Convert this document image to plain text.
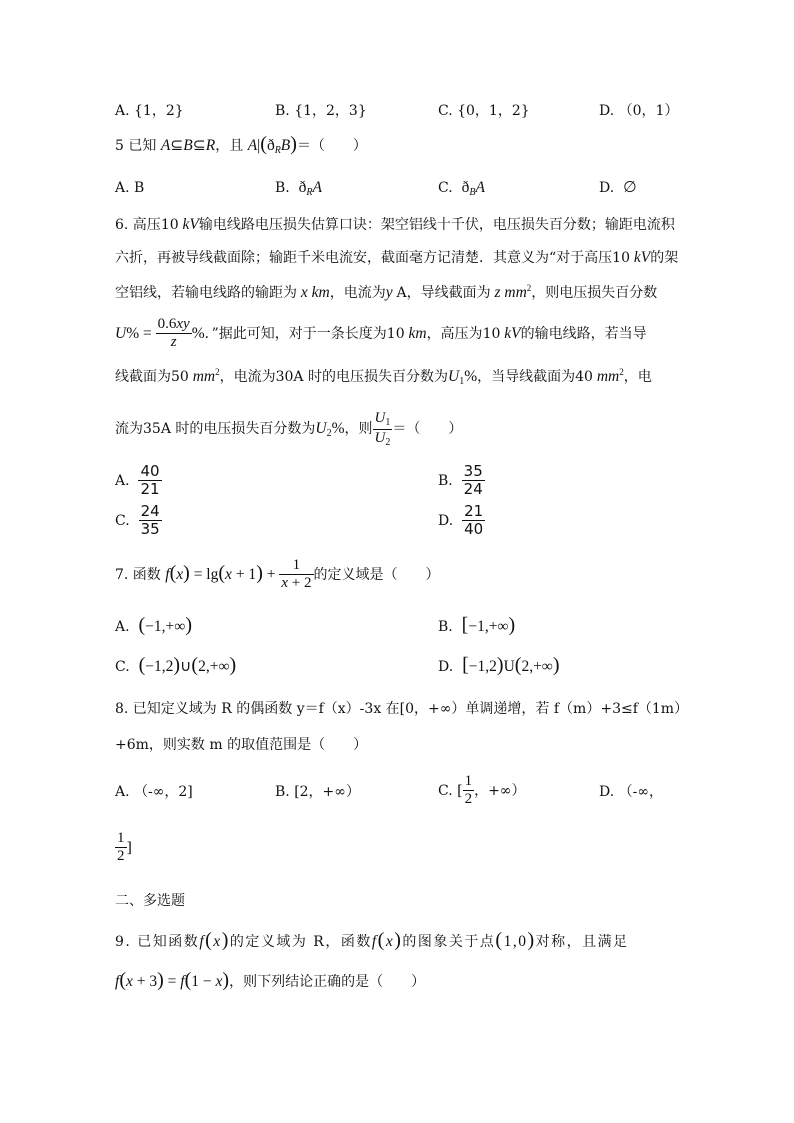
A. {1，2}	B. {1，2，3}	C. {0，1，2}	D. （0，1）
5 已知 A⊆B⊆R，且 $A|(ð_RB)=$（　　）
A. B	B. $ð_RA$	C. $ð_BA$	D. ∅
6. 高压10 kV输电线路电压损失估算口诀：架空铝线十千伏，电压损失百分数；输距电流积
六折，再被导线截面除；输距千米电流安，截面毫方记清楚．其意义为“对于高压10 kV的架
空铝线，若输电线路的输距为 x km，电流为y A，导线截面为 z $mm^2$，则电压损失百分数
$U\% = \frac{0.6xy}{z}$ %．”据此可知，对于一条长度为10 km，高压为10 kV的输电线路，若当导
线截面为50 $mm^2$，电流为30A 时的电压损失百分数为$U_1\%$，当导线截面为40 $mm^2$，电
流为35A 时的电压损失百分数为$U_2\%$，则 $\frac{U_1}{U_2}$ ＝（　　）
A. $\frac{40}{21}$	B. $\frac{35}{24}$
C. $\frac{24}{35}$	D. $\frac{21}{40}$
7. 函数 $f(x) = \lg(x + 1) + \frac{1}{x + 2}$ 的定义域是（　　）
A. (−1,+∞)	B. [−1,+∞)
C. (−1,2)∪(2,+∞)	D. [−1,2)U(2,+∞)
8. 已知定义域为 R 的偶函数 y＝f（x）-3x 在[0，+∞）单调递增，若 f（m）+3≤f（1m）
+6m，则实数 m 的取值范围是（　　）
A. （-∞，2]	B. [2，+∞）	C. [ $\frac{1}{2}$ ，+∞）	D. （-∞，
$\frac{1}{2}$ ]
二、多选题
9. 已知函数f(x)的定义域为 R，函数f(x)的图象关于点(1,0)对称，且满足
f(x + 3) = f(1 − x)，则下列结论正确的是（　　）
